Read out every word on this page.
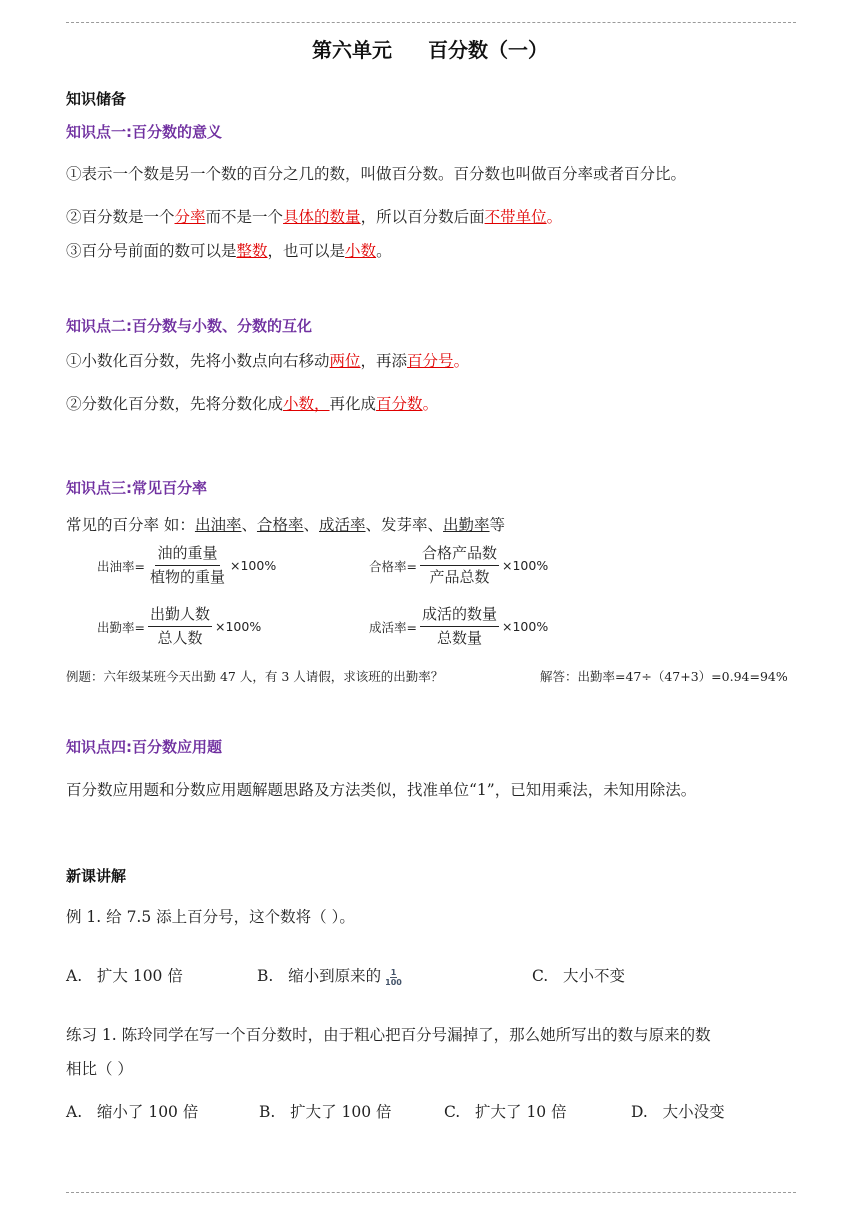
第六单元 百分数（一）
知识储备
知识点一:百分数的意义
①表示一个数是另一个数的百分之几的数，叫做百分数。百分数也叫做百分率或者百分比。
②百分数是一个分率而不是一个具体的数量，所以百分数后面不带单位。
③百分号前面的数可以是整数，也可以是小数。
知识点二:百分数与小数、分数的互化
①小数化百分数，先将小数点向右移动两位，再添百分号。
②分数化百分数，先将分数化成小数，再化成百分数。
知识点三:常见百分率
常见的百分率 如：出油率、合格率、成活率、发芽率、出勤率等
出油率= $\frac{\text{油的重量}}{\text{植物的重量}} \times 100\%$	合格率= $\frac{\text{合格产品数}}{\text{产品总数}} \times 100\%$
出勤率= $\frac{\text{出勤人数}}{\text{总人数}} \times 100\%$	成活率= $\frac{\text{成活的数量}}{\text{总数量}} \times 100\%$
例题：六年级某班今天出勤 47 人，有 3 人请假，求该班的出勤率？	解答：出勤率=47÷（47+3）=0.94=94%
知识点四:百分数应用题
百分数应用题和分数应用题解题思路及方法类似，找准单位“1”，已知用乘法，未知用除法。
新课讲解
例 1. 给 7.5 添上百分号，这个数将（ ）。
A. 扩大 100 倍	B. 缩小到原来的 $\frac{1}{100}$	C. 大小不变
练习 1. 陈玲同学在写一个百分数时，由于粗心把百分号漏掉了，那么她所写出的数与原来的数
相比（ ）
A. 缩小了 100 倍	B. 扩大了 100 倍	C. 扩大了 10 倍	D. 大小没变
